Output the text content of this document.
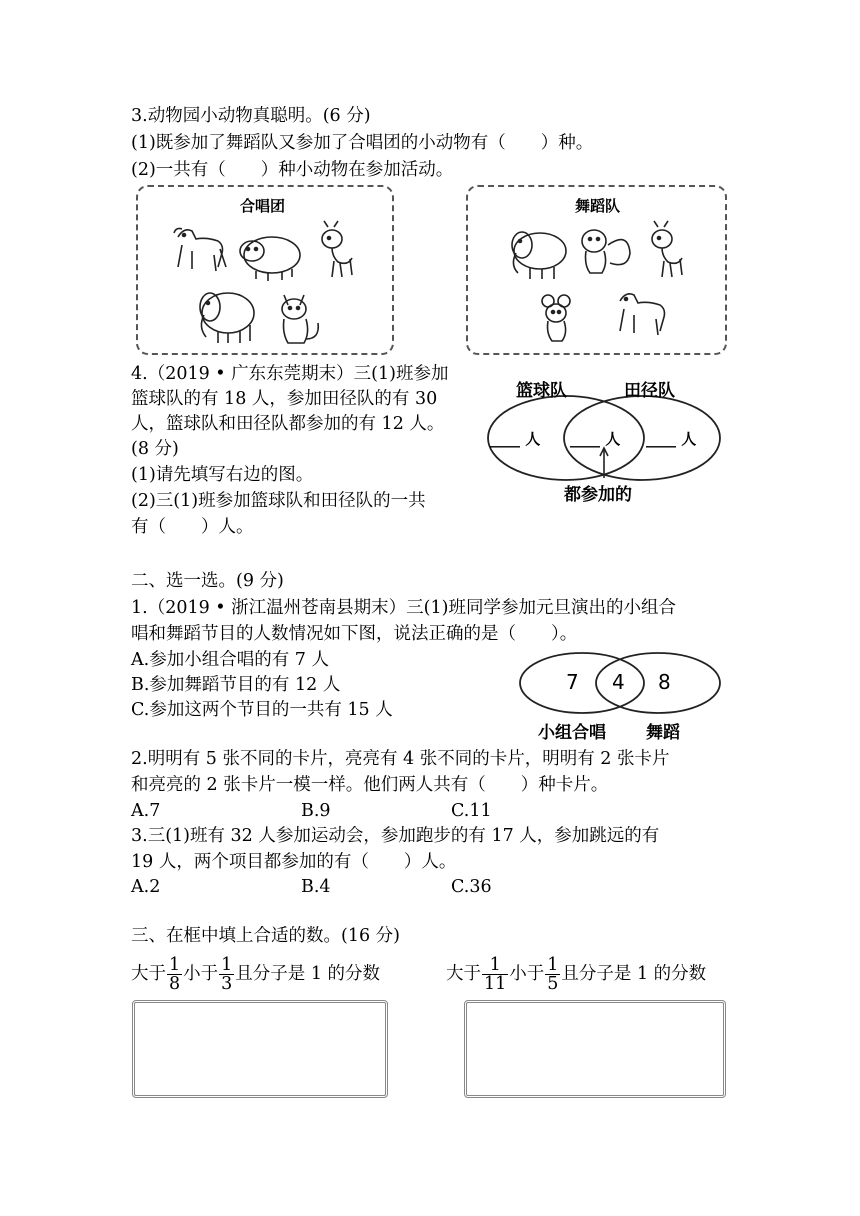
3.动物园小动物真聪明。(6 分)
(1)既参加了舞蹈队又参加了合唱团的小动物有（　　）种。
(2)一共有（　　）种小动物在参加活动。
合唱团	舞蹈队
4.（2019 • 广东东莞期末）三(1)班参加
篮球队的有 18 人，参加田径队的有 30
人，篮球队和田径队都参加的有 12 人。
(8 分)
(1)请先填写右边的图。
(2)三(1)班参加篮球队和田径队的一共
有（　　）人。
篮球队	田径队
____ 人 ____ 人 ____ 人
都参加的
二、选一选。(9 分)
1.（2019 • 浙江温州苍南县期末）三(1)班同学参加元旦演出的小组合
唱和舞蹈节目的人数情况如下图，说法正确的是（　　）。
A.参加小组合唱的有 7 人
B.参加舞蹈节目的有 12 人
C.参加这两个节目的一共有 15 人
7 4 8
小组合唱 舞蹈
2.明明有 5 张不同的卡片，亮亮有 4 张不同的卡片，明明有 2 张卡片
和亮亮的 2 张卡片一模一样。他们两人共有（　　）种卡片。
A.7	B.9	C.11
3.三(1)班有 32 人参加运动会，参加跑步的有 17 人，参加跳远的有
19 人，两个项目都参加的有（　　）人。
A.2	B.4	C.36
三、在框中填上合适的数。(16 分)
大于 $\frac{1}{8}$ 小于 $\frac{1}{3}$ 且分子是 1 的分数	大于 $\frac{1}{11}$ 小于 $\frac{1}{5}$ 且分子是 1 的分数
